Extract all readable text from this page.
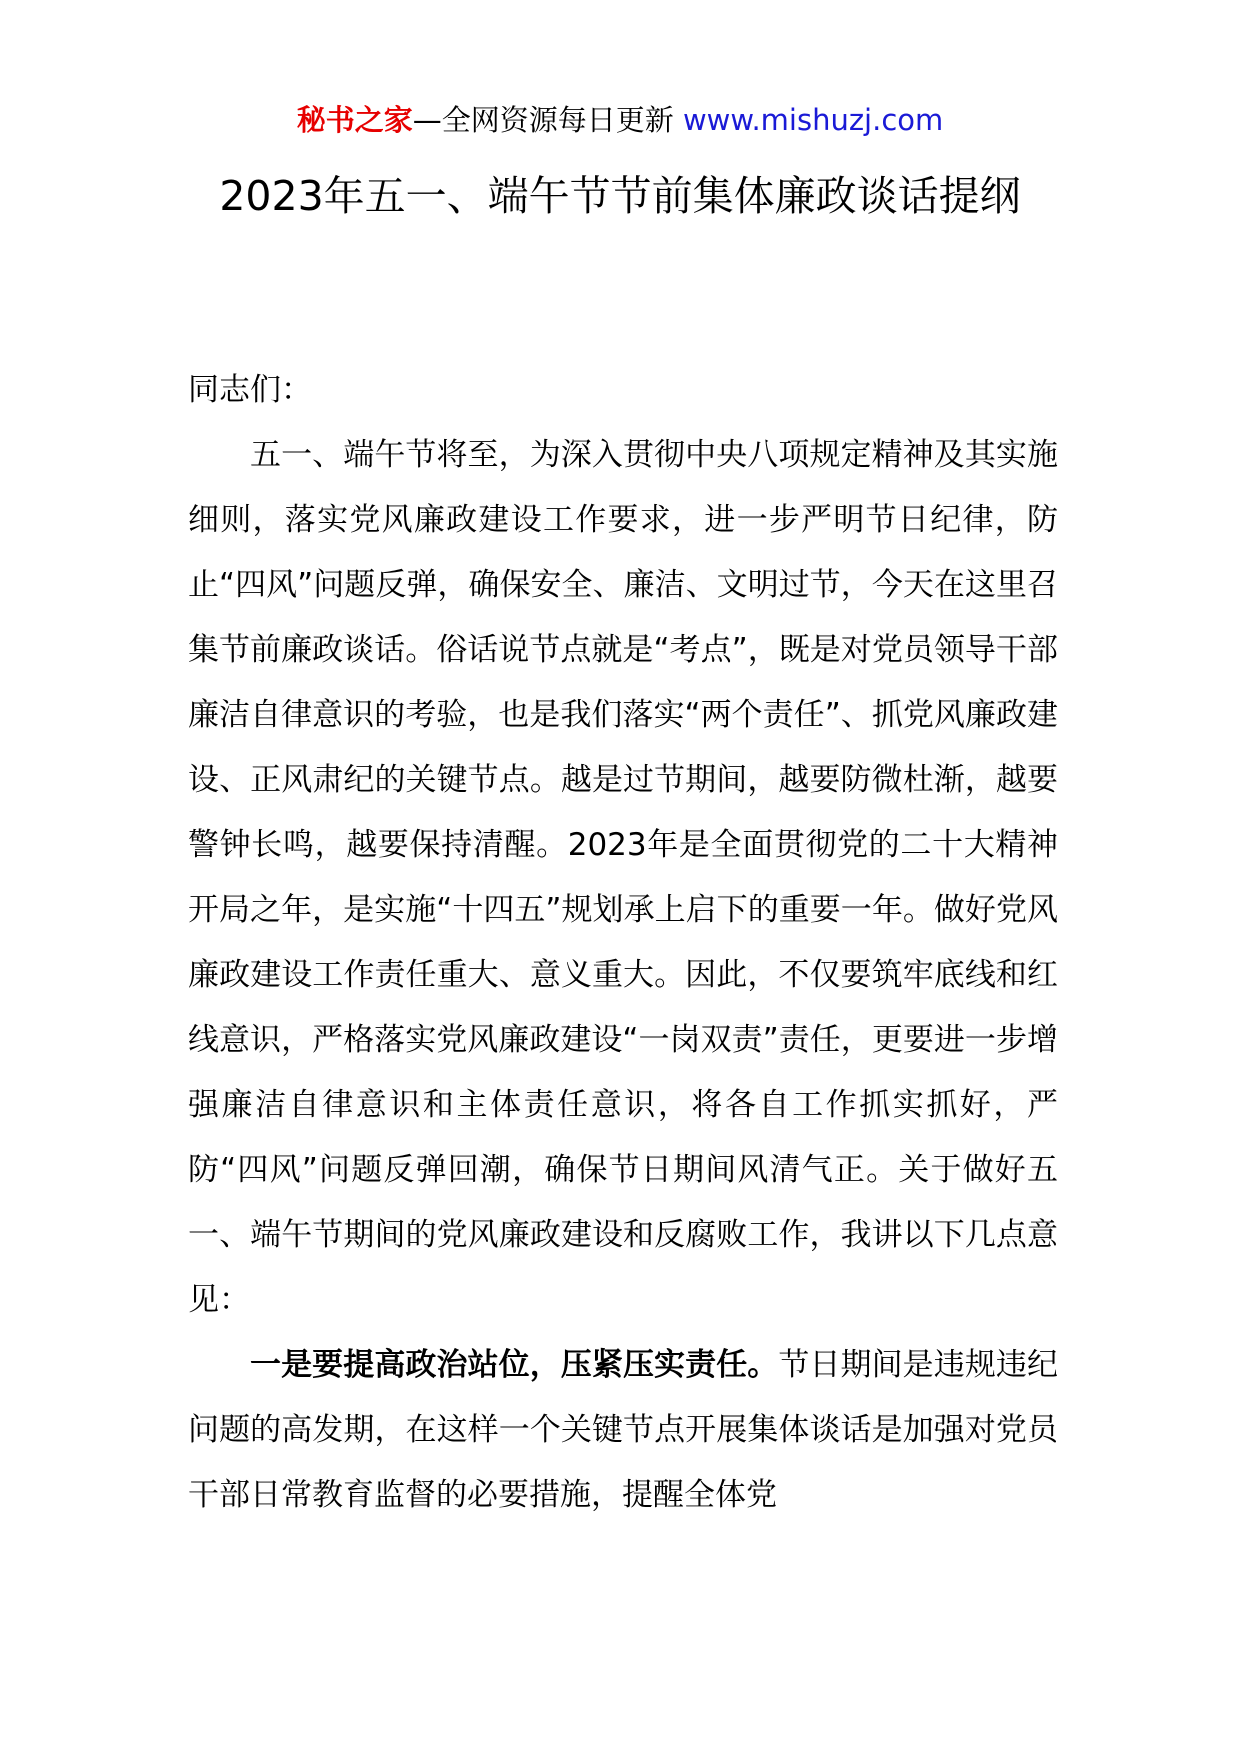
秘书之家—全网资源每日更新 www.mishuzj.com
2023年五一、端午节节前集体廉政谈话提纲

同志们：

五一、端午节将至，为深入贯彻中央八项规定精神及其实施细则，落实党风廉政建设工作要求，进一步严明节日纪律，防止“四风”问题反弹，确保安全、廉洁、文明过节，今天在这里召集节前廉政谈话。俗话说节点就是“考点”，既是对党员领导干部廉洁自律意识的考验，也是我们落实“两个责任”、抓党风廉政建设、正风肃纪的关键节点。越是过节期间，越要防微杜渐，越要警钟长鸣，越要保持清醒。2023年是全面贯彻党的二十大精神开局之年，是实施“十四五”规划承上启下的重要一年。做好党风廉政建设工作责任重大、意义重大。因此，不仅要筑牢底线和红线意识，严格落实党风廉政建设“一岗双责”责任，更要进一步增强廉洁自律意识和主体责任意识，将各自工作抓实抓好，严防“四风”问题反弹回潮，确保节日期间风清气正。关于做好五一、端午节期间的党风廉政建设和反腐败工作，我讲以下几点意见：

一是要提高政治站位，压紧压实责任。节日期间是违规违纪问题的高发期，在这样一个关键节点开展集体谈话是加强对党员干部日常教育监督的必要措施，提醒全体党
